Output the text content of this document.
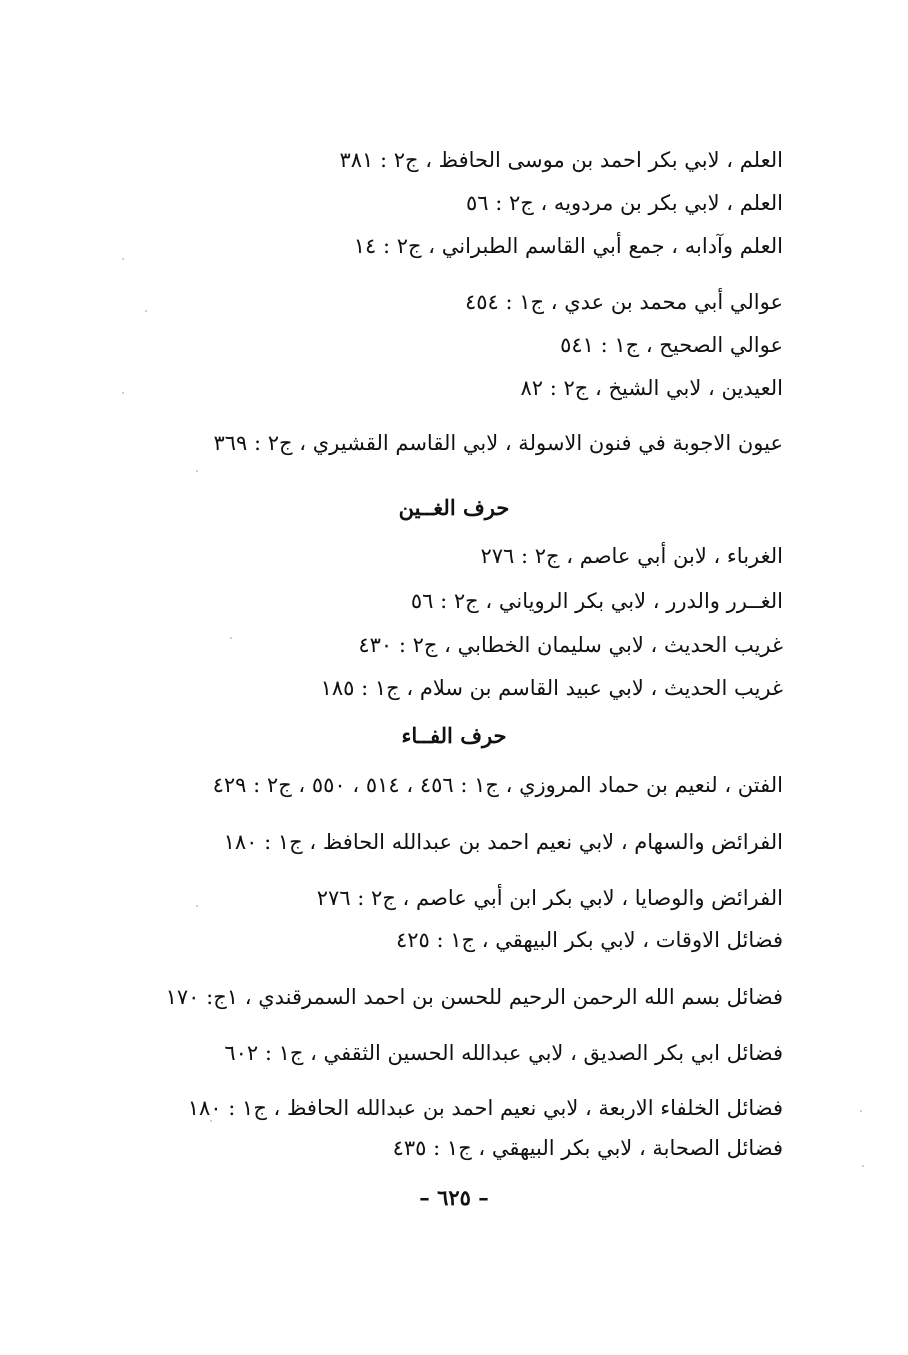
العلم ، لابي بكر احمد بن موسى الحافظ ، ج٢ : ٣٨١
العلم ، لابي بكر بن مردويه ، ج٢ : ٥٦
العلم وآدابه ، جمع أبي القاسم الطبراني ، ج٢ : ١٤
عوالي أبي محمد بن عدي ، ج١ : ٤٥٤
عوالي الصحيح ، ج١ : ٥٤١
العيدين ، لابي الشيخ ، ج٢ : ٨٢
عيون الاجوبة في فنون الاسولة ، لابي القاسم القشيري ، ج٢ : ٣٦٩
حرف الغــين
الغرباء ، لابن أبي عاصم ، ج٢ : ٢٧٦
الغــرر والدرر ، لابي بكر الروياني ، ج٢ : ٥٦
غريب الحديث ، لابي سليمان الخطابي ، ج٢ : ٤٣٠
غريب الحديث ، لابي عبيد القاسم بن سلام ، ج١ : ١٨٥
حرف الفــاء
الفتن ، لنعيم بن حماد المروزي ، ج١ : ٤٥٦ ، ٥١٤ ، ٥٥٠ ، ج٢ : ٤٢٩
الفرائض والسهام ، لابي نعيم احمد بن عبدالله الحافظ ، ج١ : ١٨٠
الفرائض والوصايا ، لابي بكر ابن أبي عاصم ، ج٢ : ٢٧٦
فضائل الاوقات ، لابي بكر البيهقي ، ج١ : ٤٢٥
فضائل بسم الله الرحمن الرحيم للحسن بن احمد السمرقندي ، ١ج: ١٧٠
فضائل ابي بكر الصديق ، لابي عبدالله الحسين الثقفي ، ج١ : ٦٠٢
فضائل الخلفاء الاربعة ، لابي نعيم احمد بن عبدالله الحافظ ، ج١ : ١٨٠
فضائل الصحابة ، لابي بكر البيهقي ، ج١ : ٤٣٥
– ٦٢٥ –
